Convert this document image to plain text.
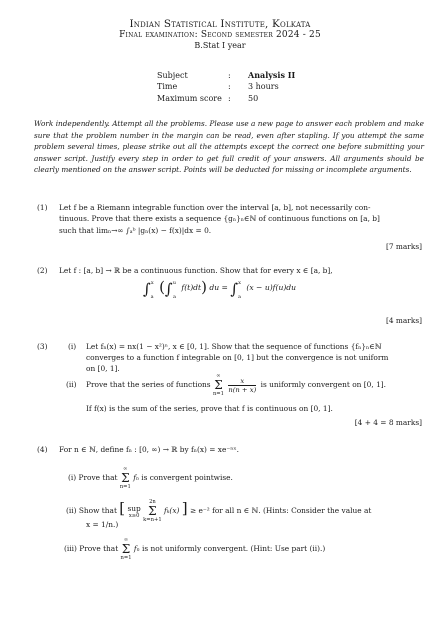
Indian Statistical Institute, Kolkata
Final examination: Second semester 2024 - 25
B.Stat I year
Subject	:	Analysis II
Time	:	3 hours
Maximum score :	50
Work independently. Attempt all the problems. Please use a new page to answer each problem and make sure that the problem number in the margin can be read, even after stapling. If you attempt the same problem several times, please strike out all the attempts except the correct one before submitting your answer script. Justify every step in order to get full credit of your answers. All arguments should be clearly mentioned on the answer script. Points will be deducted for missing or incomplete arguments.
(1) Let f be a Riemann integrable function over the interval [a, b], not necessarily con-
tinuous. Prove that there exists a sequence {gₙ}ₙ∈ℕ of continuous functions on [a, b]
such that limₙ→∞ ∫ₐᵇ |gₙ(x) − f(x)|dx = 0.
[7 marks]
(2) Let f : [a, b] → ℝ be a continuous function. Show that for every x ∈ [a, b],
∫$^x_a$ (∫$^u_a$ f(t)dt) du = ∫$^x_a$ (x − u)f(u)du
[4 marks]
(3)	(i) Let fₙ(x) = nx(1 − x²)ⁿ, x ∈ [0, 1]. Show that the sequence of functions {fₙ}ₙ∈ℕ
converges to a function f integrable on [0, 1] but the convergence is not uniform
on [0, 1].
(ii) Prove that the series of functions
∞
Σ
n=1

$\frac{x}{n(n + x)}$ is uniformly convergent on [0, 1].
If f(x) is the sum of the series, prove that f is continuous on [0, 1].
[4 + 4 = 8 marks]
(4) For n ∈ ℕ, define fₙ : [0, ∞) → ℝ by fₙ(x) = xe⁻ⁿˣ.
(i) Prove that
∞
Σ
n=1
fₙ is convergent pointwise.
(ii) Show that [ sup
x≥0

2n
Σ
k=n+1
fₖ(x) ] ≥ e⁻² for all n ∈ ℕ. (Hints: Consider the value at
x = 1/n.)
(iii) Prove that
∞
Σ
n=1
fₙ is not uniformly convergent. (Hint: Use part (ii).)
